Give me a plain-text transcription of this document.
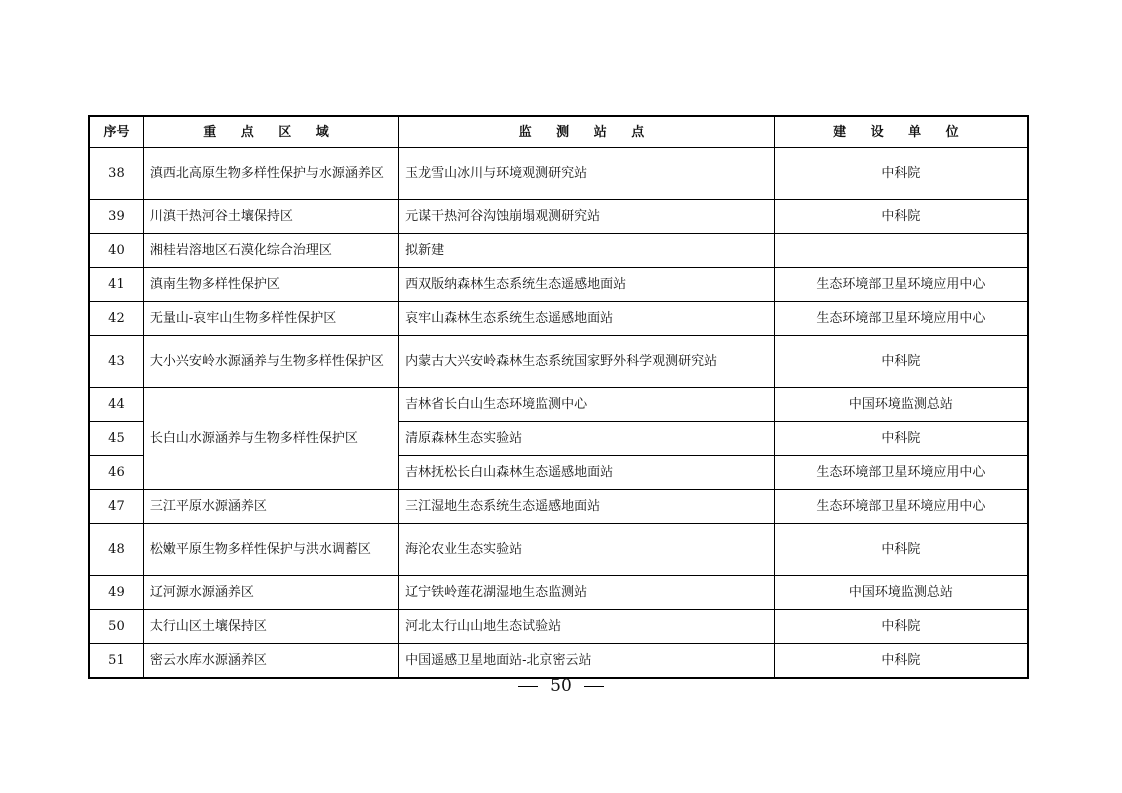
序号	重 点 区 域	监 测 站 点	建 设 单 位
38	滇西北高原生物多样性保护与水源涵养区	玉龙雪山冰川与环境观测研究站	中科院
39	川滇干热河谷土壤保持区	元谋干热河谷沟蚀崩塌观测研究站	中科院
40	湘桂岩溶地区石漠化综合治理区	拟新建	
41	滇南生物多样性保护区	西双版纳森林生态系统生态遥感地面站	生态环境部卫星环境应用中心
42	无量山-哀牢山生物多样性保护区	哀牢山森林生态系统生态遥感地面站	生态环境部卫星环境应用中心
43	大小兴安岭水源涵养与生物多样性保护区	内蒙古大兴安岭森林生态系统国家野外科学观测研究站	中科院
44	长白山水源涵养与生物多样性保护区	吉林省长白山生态环境监测中心	中国环境监测总站
45		清原森林生态实验站	中科院
46		吉林抚松长白山森林生态遥感地面站	生态环境部卫星环境应用中心
47	三江平原水源涵养区	三江湿地生态系统生态遥感地面站	生态环境部卫星环境应用中心
48	松嫩平原生物多样性保护与洪水调蓄区	海沦农业生态实验站	中科院
49	辽河源水源涵养区	辽宁铁岭莲花湖湿地生态监测站	中国环境监测总站
50	太行山区土壤保持区	河北太行山山地生态试验站	中科院
51	密云水库水源涵养区	中国遥感卫星地面站-北京密云站	中科院
50
